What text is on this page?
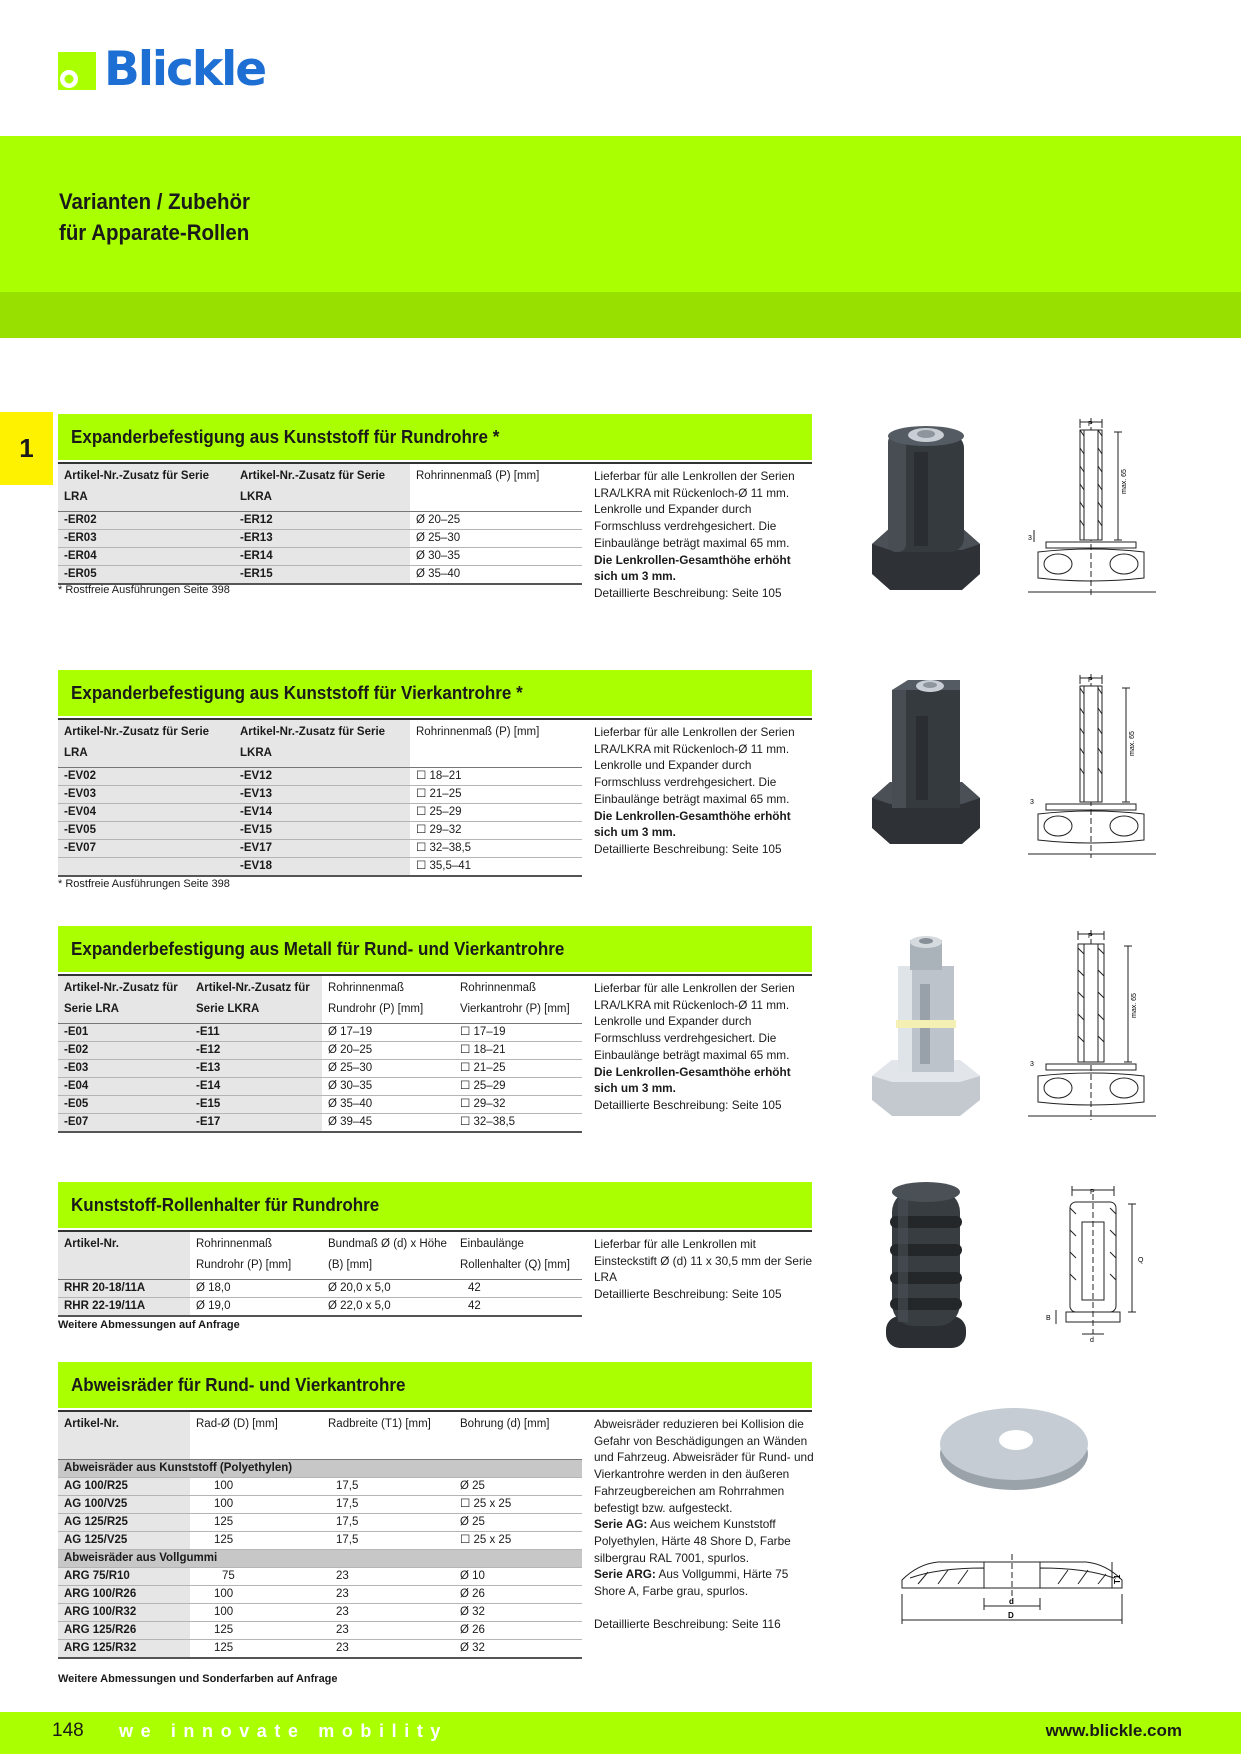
Blickle
Varianten / Zubehör
für Apparate-Rollen
1	Expanderbefestigung aus Kunststoff für Rundrohre *
Artikel-Nr.-Zusatz für Serie LRA	Artikel-Nr.-Zusatz für Serie LKRA	Rohrinnenmaß (P) [mm]
-ER02	-ER12	Ø 20–25
-ER03	-ER13	Ø 25–30
-ER04	-ER14	Ø 30–35
-ER05	-ER15	Ø 35–40
* Rostfreie Ausführungen Seite 398

Lieferbar für alle Lenkrollen der Serien LRA/LKRA mit Rückenloch-Ø 11 mm. Lenkrolle und Expander durch Formschluss verdrehgesichert. Die Einbaulänge beträgt maximal 65 mm.

Die Lenkrollen-Gesamthöhe erhöht sich um 3 mm.

Detaillierte Beschreibung: Seite 105

Expanderbefestigung aus Kunststoff für Vierkantrohre *
Artikel-Nr.-Zusatz für Serie LRA	Artikel-Nr.-Zusatz für Serie LKRA	Rohrinnenmaß (P) [mm]
-EV02	-EV12	☐ 18–21
-EV03	-EV13	☐ 21–25
-EV04	-EV14	☐ 25–29
-EV05	-EV15	☐ 29–32
-EV07	-EV17	☐ 32–38,5
	-EV18	☐ 35,5–41
* Rostfreie Ausführungen Seite 398

Lieferbar für alle Lenkrollen der Serien LRA/LKRA mit Rückenloch-Ø 11 mm. Lenkrolle und Expander durch Formschluss verdrehgesichert. Die Einbaulänge beträgt maximal 65 mm.

Die Lenkrollen-Gesamthöhe erhöht sich um 3 mm.

Detaillierte Beschreibung: Seite 105

Expanderbefestigung aus Metall für Rund- und Vierkantrohre
Artikel-Nr.-Zusatz für Serie LRA	Artikel-Nr.-Zusatz für Serie LKRA	Rohrinnenmaß Rundrohr (P) [mm]	Rohrinnenmaß Vierkantrohr (P) [mm]
-E01	-E11	Ø 17–19	☐ 17–19
-E02	-E12	Ø 20–25	☐ 18–21
-E03	-E13	Ø 25–30	☐ 21–25
-E04	-E14	Ø 30–35	☐ 25–29
-E05	-E15	Ø 35–40	☐ 29–32
-E07	-E17	Ø 39–45	☐ 32–38,5

Lieferbar für alle Lenkrollen der Serien LRA/LKRA mit Rückenloch-Ø 11 mm. Lenkrolle und Expander durch Formschluss verdrehgesichert. Die Einbaulänge beträgt maximal 65 mm.

Die Lenkrollen-Gesamthöhe erhöht sich um 3 mm.

Detaillierte Beschreibung: Seite 105

Kunststoff-Rollenhalter für Rundrohre
Artikel-Nr.	Rohrinnenmaß Rundrohr (P) [mm]	Bundmaß Ø (d) x Höhe (B) [mm]	Einbaulänge Rollenhalter (Q) [mm]
RHR 20-18/11A	Ø 18,0	Ø 20,0 x 5,0	42
RHR 22-19/11A	Ø 19,0	Ø 22,0 x 5,0	42
Weitere Abmessungen auf Anfrage

Lieferbar für alle Lenkrollen mit Einsteckstift Ø (d) 11 x 30,5 mm der Serie LRA

Detaillierte Beschreibung: Seite 105

Abweisräder für Rund- und Vierkantrohre
Artikel-Nr.	Rad-Ø (D) [mm]	Radbreite (T1) [mm]	Bohrung (d) [mm]
Abweisräder aus Kunststoff (Polyethylen)			
AG 100/R25	100	17,5	Ø 25
AG 100/V25	100	17,5	☐ 25 x 25
AG 125/R25	125	17,5	Ø 25
AG 125/V25	125	17,5	☐ 25 x 25
Abweisräder aus Vollgummi			
ARG 75/R10	75	23	Ø 10
ARG 100/R26	100	23	Ø 26
ARG 100/R32	100	23	Ø 32
ARG 125/R26	125	23	Ø 26
ARG 125/R32	125	23	Ø 32
Weitere Abmessungen und Sonderfarben auf Anfrage

Abweisräder reduzieren bei Kollision die Gefahr von Beschädigungen an Wänden und Fahrzeug. Abweisräder für Rund- und Vierkantrohre werden in den äußeren Fahrzeugbereichen am Rohrrahmen befestigt bzw. aufgesteckt.

Serie AG: Aus weichem Kunststoff Polyethylen, Härte 48 Shore D, Farbe silbergrau RAL 7001, spurlos.

Serie ARG: Aus Vollgummi, Härte 75 Shore A, Farbe grau, spurlos.

Detaillierte Beschreibung: Seite 116

P
max. 65
3
P
max. 65
3
P
max. 65
3
P
Q
B
d
d
D
T1
148 we innovate mobility	www.blickle.com
